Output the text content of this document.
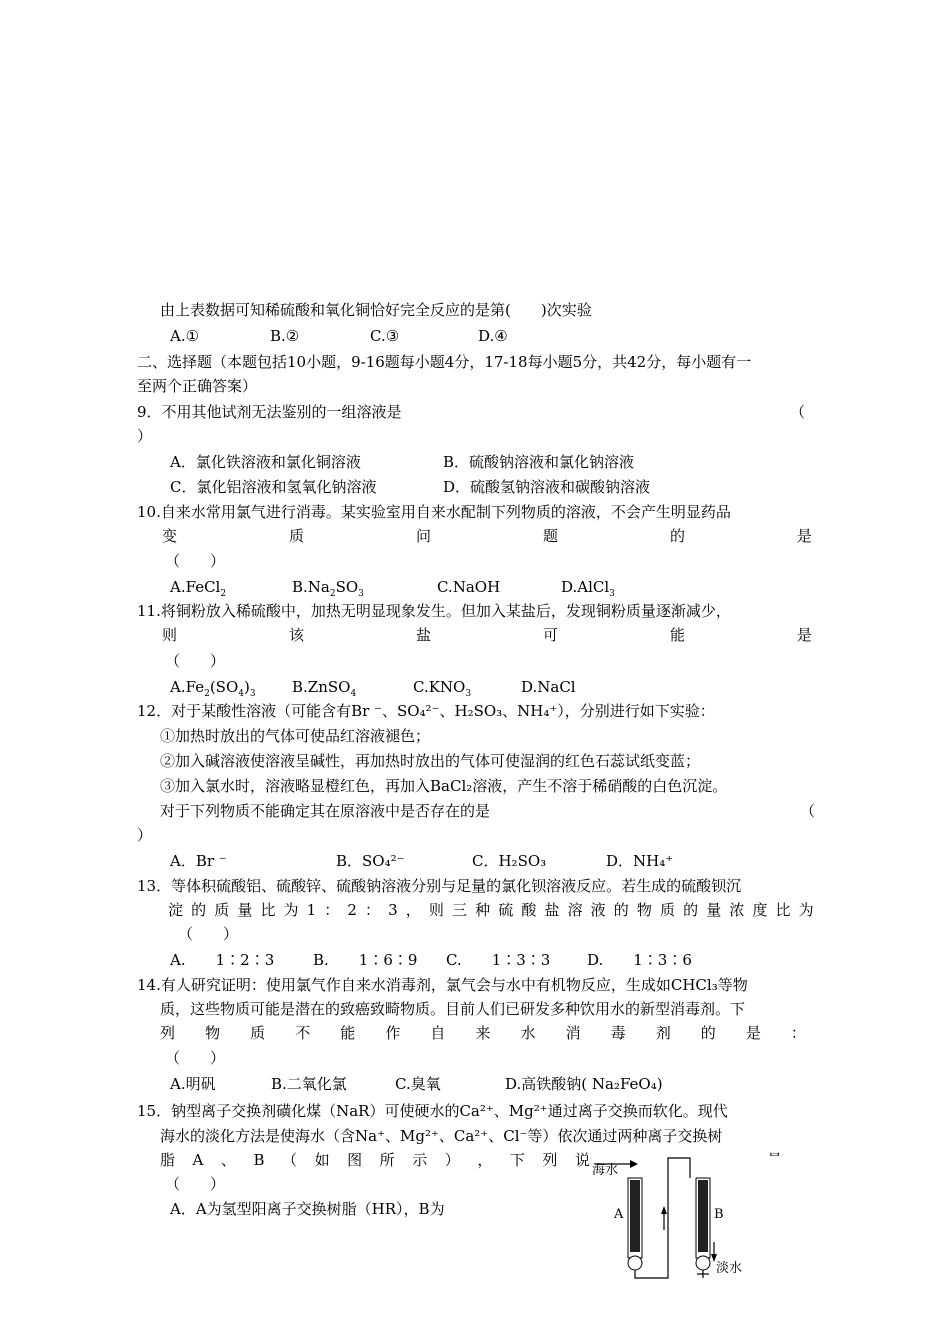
由上表数据可知稀硫酸和氧化铜恰好完全反应的是第(　　)次实验
A.①	B.②	C.③	D.④
二、选择题（本题包括10小题，9-16题每小题4分，17-18每小题5分，共42分，每小题有一
至两个正确答案）
9．不用其他试剂无法鉴别的一组溶液是	（
）
A．氯化铁溶液和氯化铜溶液	B．硫酸钠溶液和氯化钠溶液
C．氯化铝溶液和氢氧化钠溶液	D．硫酸氢钠溶液和碳酸钠溶液
10.自来水常用氯气进行消毒。某实验室用自来水配制下列物质的溶液，不会产生明显药品
变	质	问	题	的	是
（　　）
A.FeCl$_2$	$B.Na_2SO_3$	C.NaOH	D.AlCl$_3$
11.将铜粉放入稀硫酸中，加热无明显现象发生。但加入某盐后，发现铜粉质量逐渐减少，
则	该	盐	可	能	是
（　　）
$A.Fe_2(SO_4)_3$ B.ZnSO$_4$	$C.KNO_3$	D.NaCl
12．对于某酸性溶液（可能含有Br ⁻、SO₄²⁻、H₂SO₃、NH₄⁺），分别进行如下实验：
①加热时放出的气体可使品红溶液褪色；
②加入碱溶液使溶液呈碱性，再加热时放出的气体可使湿润的红色石蕊试纸变蓝；
③加入氯水时，溶液略显橙红色，再加入BaCl₂溶液，产生不溶于稀硝酸的白色沉淀。
对于下列物质不能确定其在原溶液中是否存在的是	（
）
A．Br ⁻	B．SO₄²⁻	C．H₂SO₃	D．NH₄⁺
13．等体积硫酸铝、硫酸锌、硫酸钠溶液分别与足量的氯化钡溶液反应。若生成的硫酸钡沉
淀 的 质 量 比 为 1 ： 2 ： 3 ， 则 三 种 硫 酸 盐 溶 液 的 物 质 的 量 浓 度 比 为
（　　）
A.　　1∶2∶3	B.　　1∶6∶9 C.　　1∶3∶3 D.　　1∶3∶6
14.有人研究证明：使用氯气作自来水消毒剂，氯气会与水中有机物反应，生成如CHCl₃等物
质，这些物质可能是潜在的致癌致畸物质。目前人们已研发多种饮用水的新型消毒剂。下
列 物 质 不 能 作 自 来 水 消 毒 剂 的 是 ：
（　　）
A.明矾	B.二氧化氯	C.臭氧	D.高铁酸钠( Na₂FeO₄)
15．钠型离子交换剂磺化煤（NaR）可使硬水的Ca²⁺、Mg²⁺通过离子交换而软化。现代
海水的淡化方法是使海水（含Na⁺、Mg²⁺、Ca²⁺、Cl⁻等）依次通过两种离子交换树
脂 A 、 B （ 如 图 所 示 ） ， 下 列 说
（　　）
A．A为氢型阳离子交换树脂（HR），B为
海水
A	B
淡水
